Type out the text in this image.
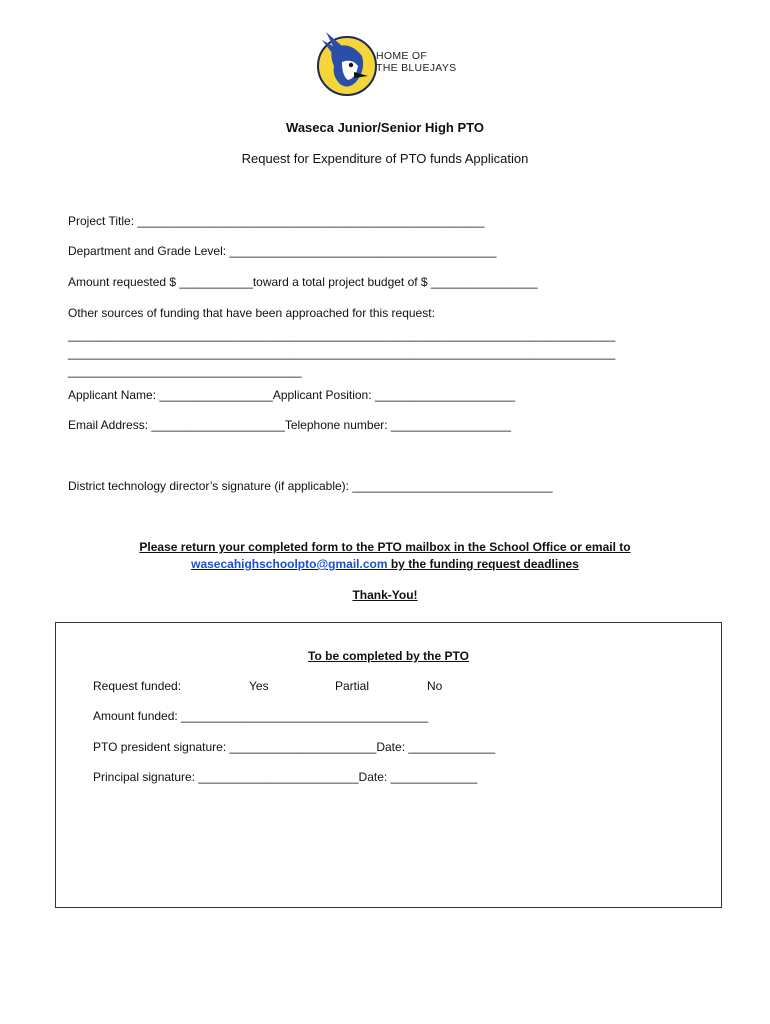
HOME OF
THE BLUEJAYS
Waseca Junior/Senior High PTO
Request for Expenditure of PTO funds Application
Project Title: ____________________________________________________
Department and Grade Level: ________________________________________
Amount requested $ ___________toward a total project budget of $ ________________
Other sources of funding that have been approached for this request:
__________________________________________________________________________________
__________________________________________________________________________________
___________________________________
Applicant Name: _________________Applicant Position: _____________________
Email Address: ____________________Telephone number: __________________
District technology director’s signature (if applicable): ______________________________
Please return your completed form to the PTO mailbox in the School Office or email to
wasecahighschoolpto@gmail.com by the funding request deadlines
Thank-You!
To be completed by the PTO
Request funded:	Yes	Partial	No
Amount funded: _____________________________________
PTO president signature: ______________________Date: _____________
Principal signature: ________________________Date: _____________
